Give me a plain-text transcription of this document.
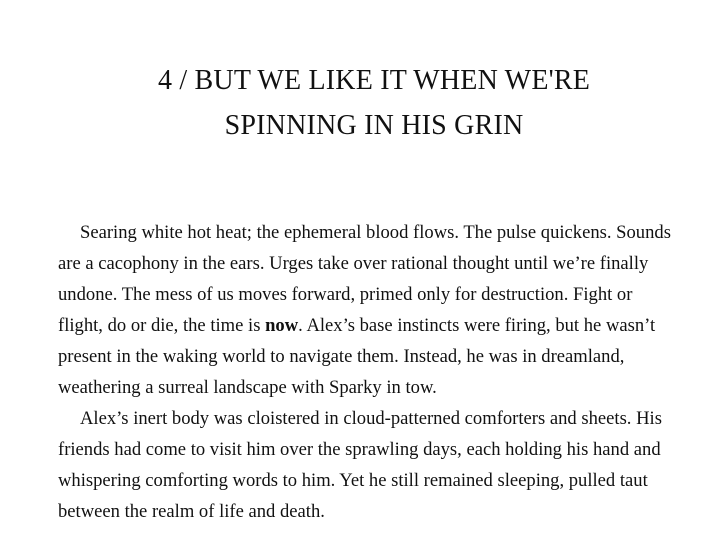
4 / BUT WE LIKE IT WHEN WE'RE
SPINNING IN HIS GRIN

Searing white hot heat; the ephemeral blood flows. The pulse quickens. Sounds are a cacophony in the ears. Urges take over rational thought until we’re finally undone. The mess of us moves forward, primed only for destruction. Fight or flight, do or die, the time is now. Alex’s base instincts were firing, but he wasn’t present in the waking world to navigate them. Instead, he was in dreamland, weathering a surreal landscape with Sparky in tow.

Alex’s inert body was cloistered in cloud-patterned comforters and sheets. His friends had come to visit him over the sprawling days, each holding his hand and whispering comforting words to him. Yet he still remained sleeping, pulled taut between the realm of life and death.
